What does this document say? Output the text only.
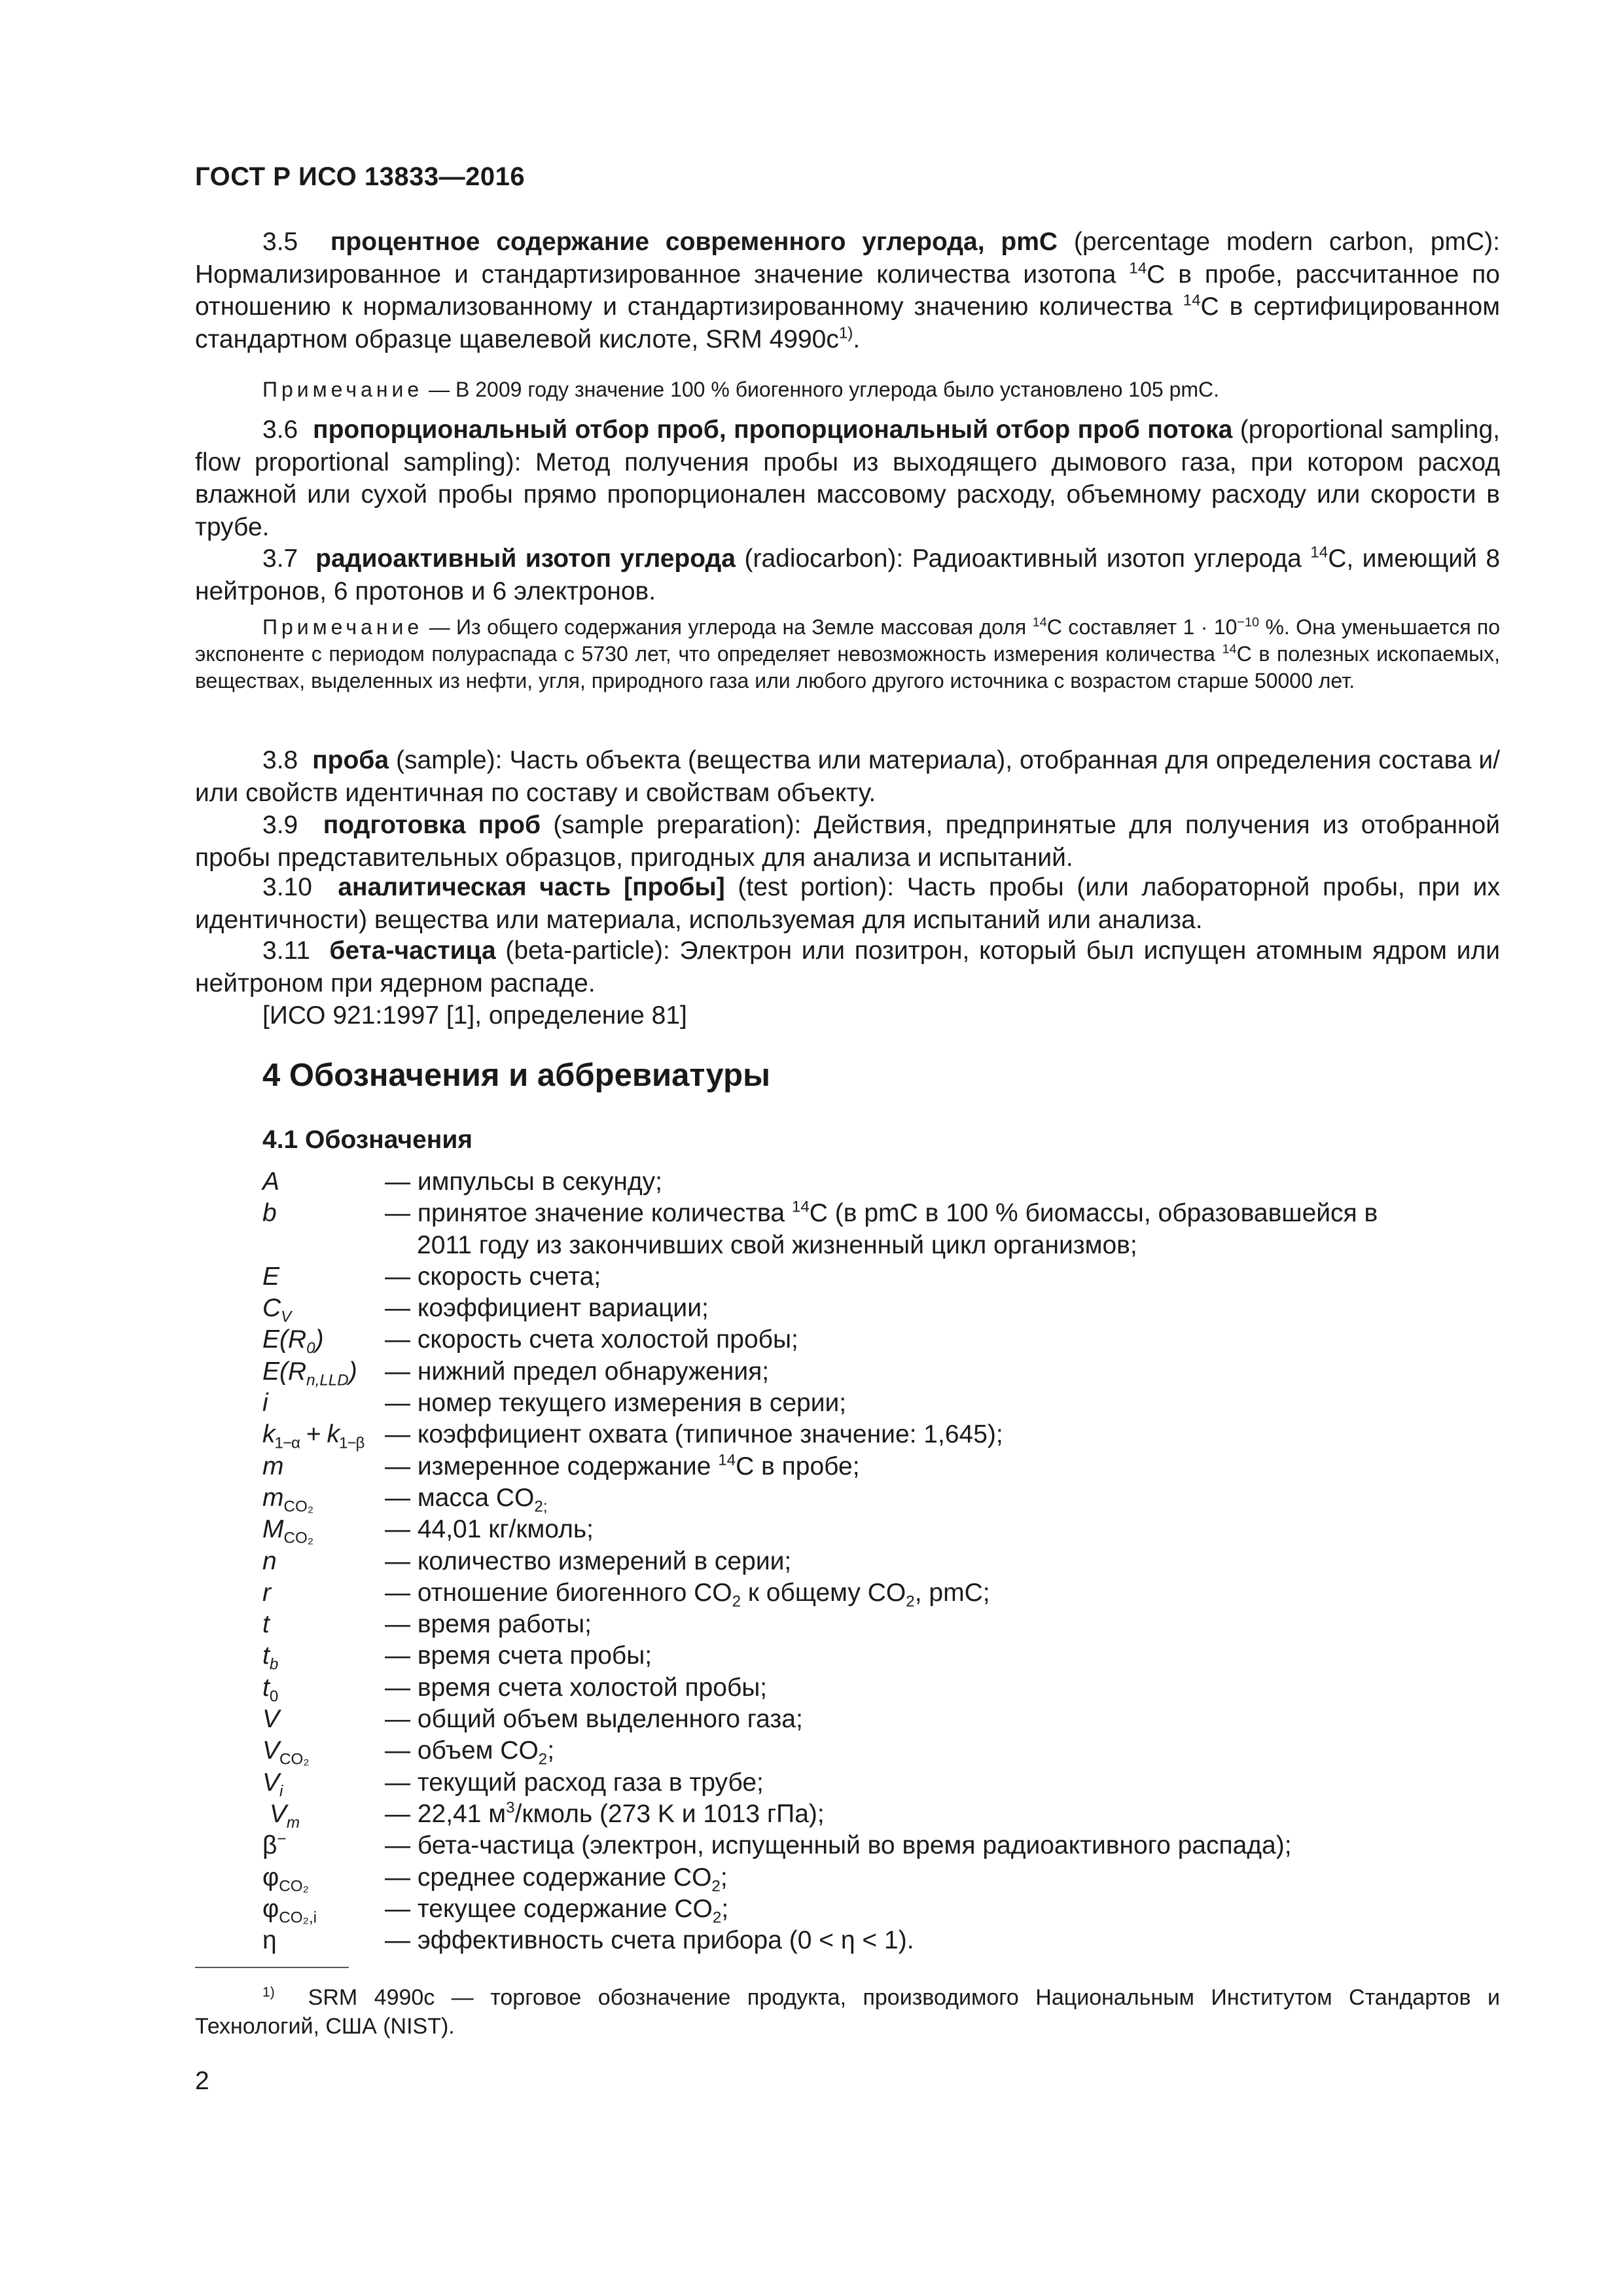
ГОСТ Р ИСО 13833—2016

3.5 процентное содержание современного углерода, pmC (percentage modern carbon, pmC): Нормализированное и стандартизированное значение количества изотопа $^{14}$C в пробе, рассчитанное по отношению к нормализованному и стандартизированному значению количества $^{14}$C в сертифицированном стандартном образце щавелевой кислоте, SRM $4990c^{1)}$.

Примечание — В 2009 году значение 100 % биогенного углерода было установлено 105 pmC.

3.6 пропорциональный отбор проб, пропорциональный отбор проб потока (proportional sampling, flow proportional sampling): Метод получения пробы из выходящего дымового газа, при котором расход влажной или сухой пробы прямо пропорционален массовому расходу, объемному расходу или скорости в трубе.

3.7 радиоактивный изотоп углерода (radiocarbon): Радиоактивный изотоп углерода $^{14}$C, имеющий 8 нейтронов, 6 протонов и 6 электронов.

Примечание — Из общего содержания углерода на Земле массовая доля $^{14}$C составляет $1 \cdot 10^{-10}$ %. Она уменьшается по экспоненте с периодом полураспада с 5730 лет, что определяет невозможность измерения количества $^{14}$C в полезных ископаемых, веществах, выделенных из нефти, угля, природного газа или любого другого источника с возрастом старше 50000 лет.

3.8 проба (sample): Часть объекта (вещества или материала), отобранная для определения состава и/или свойств идентичная по составу и свойствам объекту.

3.9 подготовка проб (sample preparation): Действия, предпринятые для получения из отобранной пробы представительных образцов, пригодных для анализа и испытаний.

3.10 аналитическая часть [пробы] (test portion): Часть пробы (или лабораторной пробы, при их идентичности) вещества или материала, используемая для испытаний или анализа.

3.11 бета-частица (beta-particle): Электрон или позитрон, который был испущен атомным ядром или нейтроном при ядерном распаде.

[ИСО 921:1997 [1], определение 81]

4 Обозначения и аббревиатуры
4.1 Обозначения
A	— импульсы в секунду;
b	— принятое значение количества $^{14}$C (в pmC в 100 % биомассы, образовавшейся в
2011 году из закончивших свой жизненный цикл организмов;
E	— скорость счета;
$C_V$	— коэффициент вариации;
$E(R_0)$	— скорость счета холостой пробы;
$E(R_{n,LLD})$	— нижний предел обнаружения;
i	— номер текущего измерения в серии;
$k_{1-\alpha} + k_{1-\beta}$ — коэффициент охвата (типичное значение: 1,645);
m	— измеренное содержание $^{14}$C в пробе;
$m_{CO_2}$	— масса $CO_{2;}$
$M_{CO_2}$	— 44,01 кг/кмоль;
n	— количество измерений в серии;
r	— отношение биогенного $CO_2$ к общему $CO_2$, pmC;
t	— время работы;
$t_b$	— время счета пробы;
$t_0$	— время счета холостой пробы;
V	— общий объем выделенного газа;
$V_{CO_2}$	— объем $CO_2$;
$V_i$	— текущий расход газа в трубе;
$V_m$	— 22,41 $м^3$/кмоль (273 K и 1013 гПа);
β−	— бета-частица (электрон, испущенный во время радиоактивного распада);
$\varphi_{CO_2}$	— среднее содержание $CO_2$;
$\varphi_{CO_2,i}$	— текущее содержание $CO_2$;
η	— эффективность счета прибора (0 < η < 1).

$^{1)}$ SRM 4990c — торговое обозначение продукта, производимого Национальным Институтом Стандартов и Технологий, США (NIST).

2
